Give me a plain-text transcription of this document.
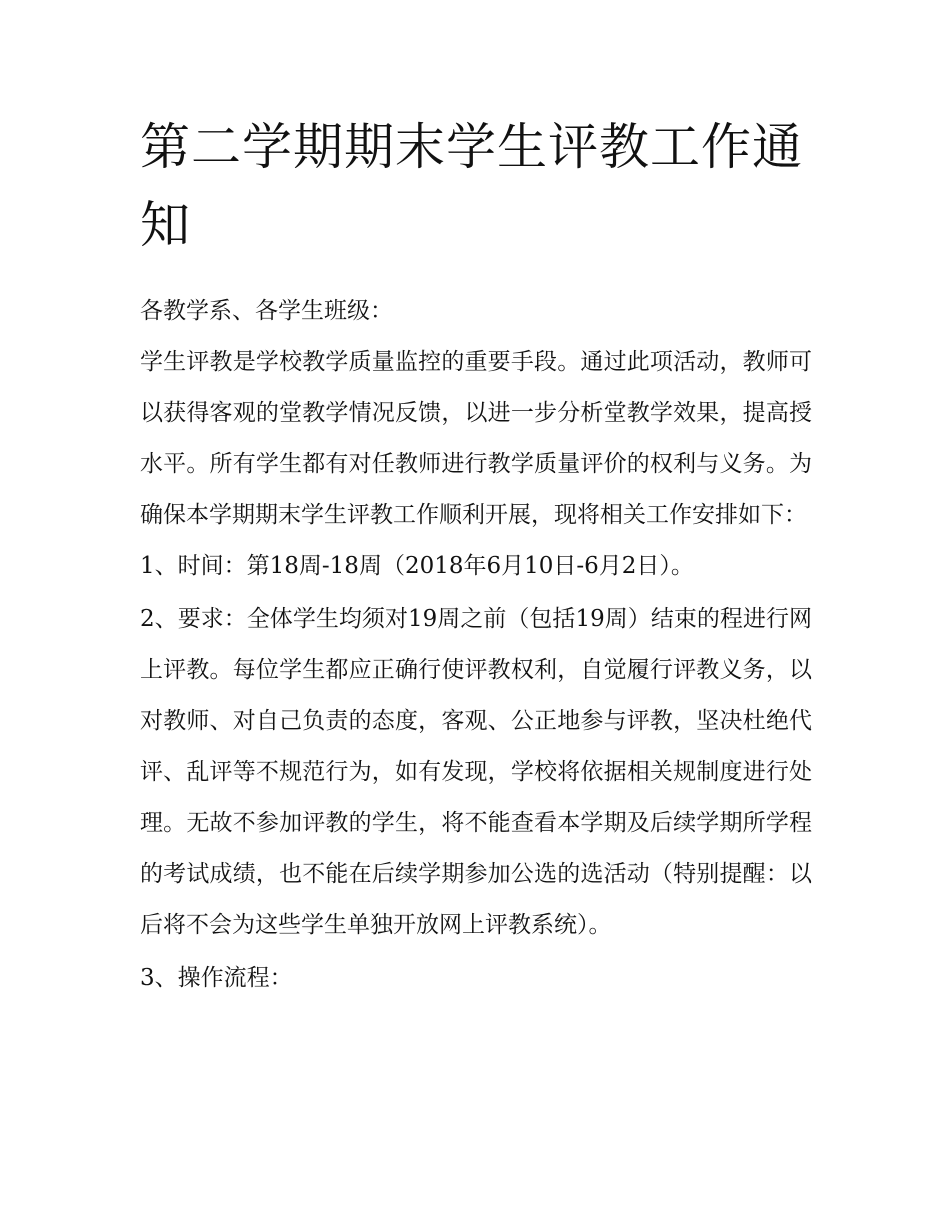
第二学期期末学生评教工作通知

各教学系、各学生班级：

学生评教是学校教学质量监控的重要手段。通过此项活动，教师可以获得客观的堂教学情况反馈，以进一步分析堂教学效果，提高授水平。所有学生都有对任教师进行教学质量评价的权利与义务。为确保本学期期末学生评教工作顺利开展，现将相关工作安排如下：

1、时间：第18周-18周（2018年6月10日-6月2日）。

2、要求：全体学生均须对19周之前（包括19周）结束的程进行网上评教。每位学生都应正确行使评教权利，自觉履行评教义务，以对教师、对自己负责的态度，客观、公正地参与评教，坚决杜绝代评、乱评等不规范行为，如有发现，学校将依据相关规制度进行处理。无故不参加评教的学生，将不能查看本学期及后续学期所学程的考试成绩，也不能在后续学期参加公选的选活动（特别提醒：以后将不会为这些学生单独开放网上评教系统）。

3、操作流程：
